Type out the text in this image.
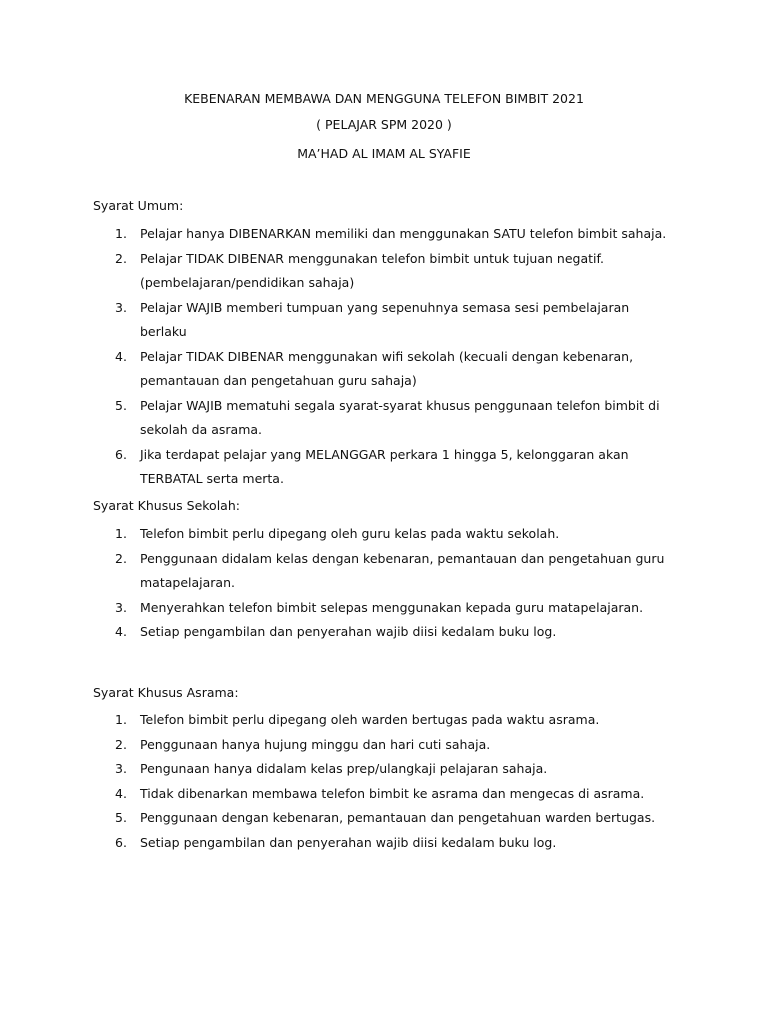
KEBENARAN MEMBAWA DAN MENGGUNA TELEFON BIMBIT 2021
( PELAJAR SPM 2020 )
MA’HAD AL IMAM AL SYAFIE
Syarat Umum:
1. Pelajar hanya DIBENARKAN memiliki dan menggunakan SATU telefon bimbit sahaja.
2. Pelajar TIDAK DIBENAR menggunakan telefon bimbit untuk tujuan negatif. (pembelajaran/pendidikan sahaja)
3. Pelajar WAJIB memberi tumpuan yang sepenuhnya semasa sesi pembelajaran berlaku
4. Pelajar TIDAK DIBENAR menggunakan wifi sekolah (kecuali dengan kebenaran, pemantauan dan pengetahuan guru sahaja)
5. Pelajar WAJIB mematuhi segala syarat-syarat khusus penggunaan telefon bimbit di sekolah da asrama.
6. Jika terdapat pelajar yang MELANGGAR perkara 1 hingga 5, kelonggaran akan TERBATAL serta merta.
Syarat Khusus Sekolah:
1. Telefon bimbit perlu dipegang oleh guru kelas pada waktu sekolah.
2. Penggunaan didalam kelas dengan kebenaran, pemantauan dan pengetahuan guru matapelajaran.
3. Menyerahkan telefon bimbit selepas menggunakan kepada guru matapelajaran.
4. Setiap pengambilan dan penyerahan wajib diisi kedalam buku log.
Syarat Khusus Asrama:
1. Telefon bimbit perlu dipegang oleh warden bertugas pada waktu asrama.
2. Penggunaan hanya hujung minggu dan hari cuti sahaja.
3. Pengunaan hanya didalam kelas prep/ulangkaji pelajaran sahaja.
4. Tidak dibenarkan membawa telefon bimbit ke asrama dan mengecas di asrama.
5. Penggunaan dengan kebenaran, pemantauan dan pengetahuan warden bertugas.
6. Setiap pengambilan dan penyerahan wajib diisi kedalam buku log.
